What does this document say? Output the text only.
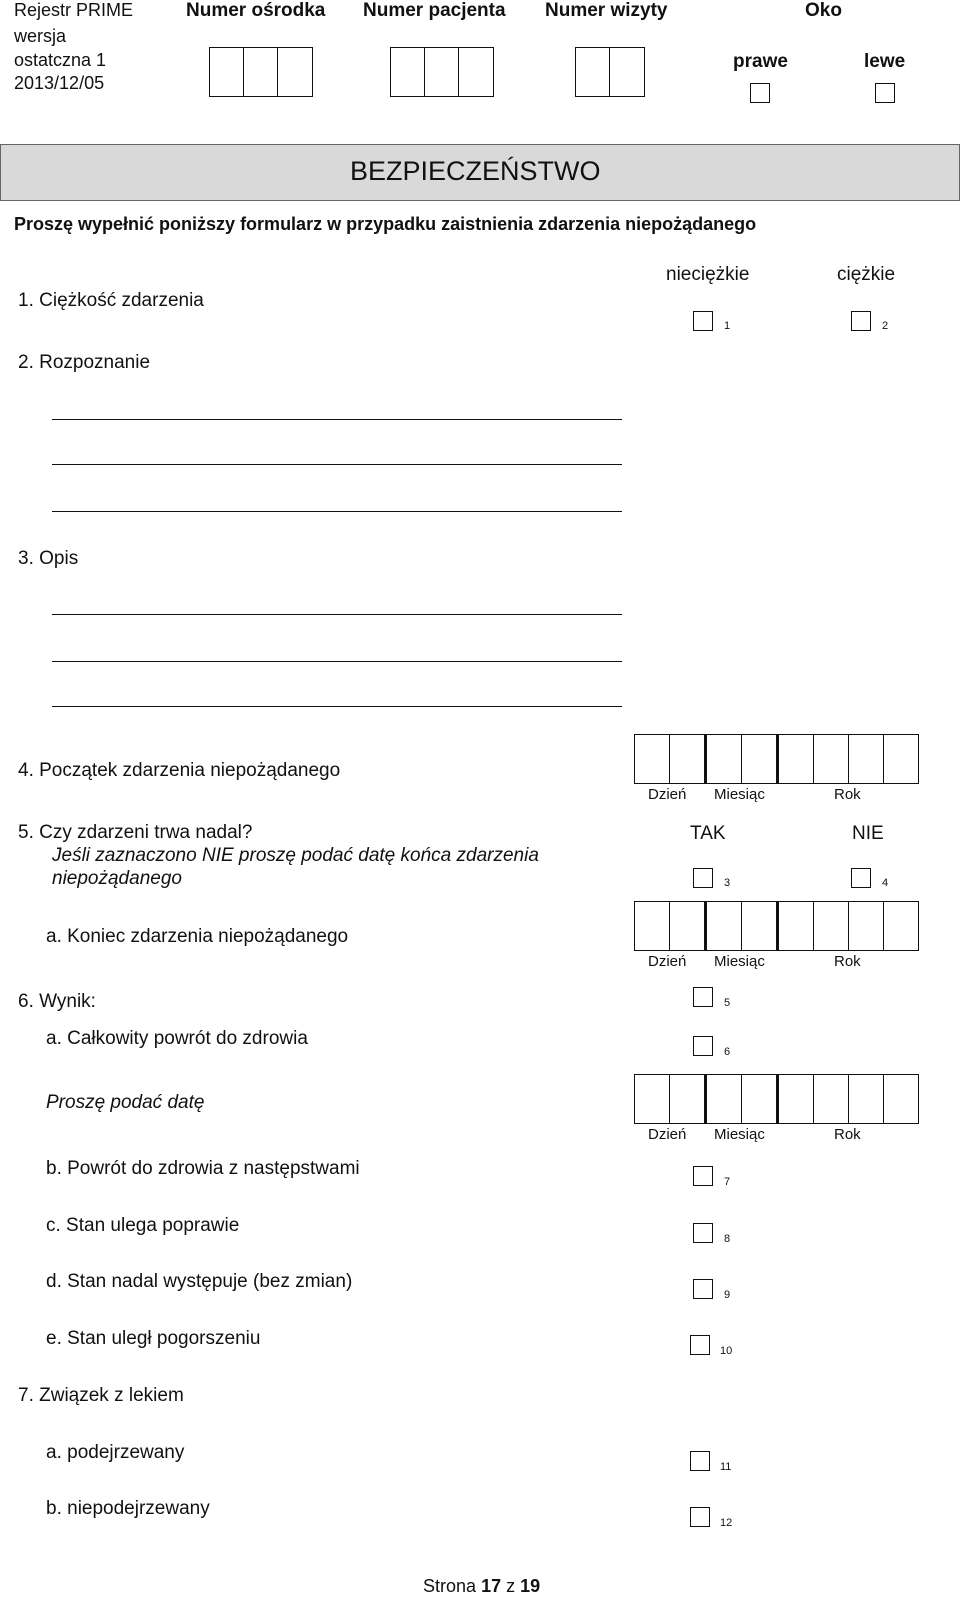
Rejestr PRIME
wersja
ostatczna 1
2013/12/05
Numer ośrodka Numer pacjenta Numer wizyty	Oko
prawe	lewe
BEZPIECZEŃSTWO
Proszę wypełnić poniższy formularz w przypadku zaistnienia zdarzenia niepożądanego
1. Ciężkość zdarzenia
nieciężkie	ciężkie
1	2
2. Rozpoznanie
3. Opis
4. Początek zdarzenia niepożądanego
Dzień Miesiąc	Rok
5. Czy zdarzeni trwa nadal?
Jeśli zaznaczono NIE proszę podać datę końca zdarzenia
niepożądanego
TAK	NIE
3	4
a. Koniec zdarzenia niepożądanego
Dzień Miesiąc	Rok
6. Wynik:	5
a. Całkowity powrót do zdrowia
6
Proszę podać datę
Dzień Miesiąc	Rok
b. Powrót do zdrowia z następstwami
7
c. Stan ulega poprawie
8
d. Stan nadal występuje (bez zmian)
9
e. Stan uległ pogorszeniu
10
7. Związek z lekiem
a. podejrzewany
11
b. niepodejrzewany
12
Strona 17 z 19
